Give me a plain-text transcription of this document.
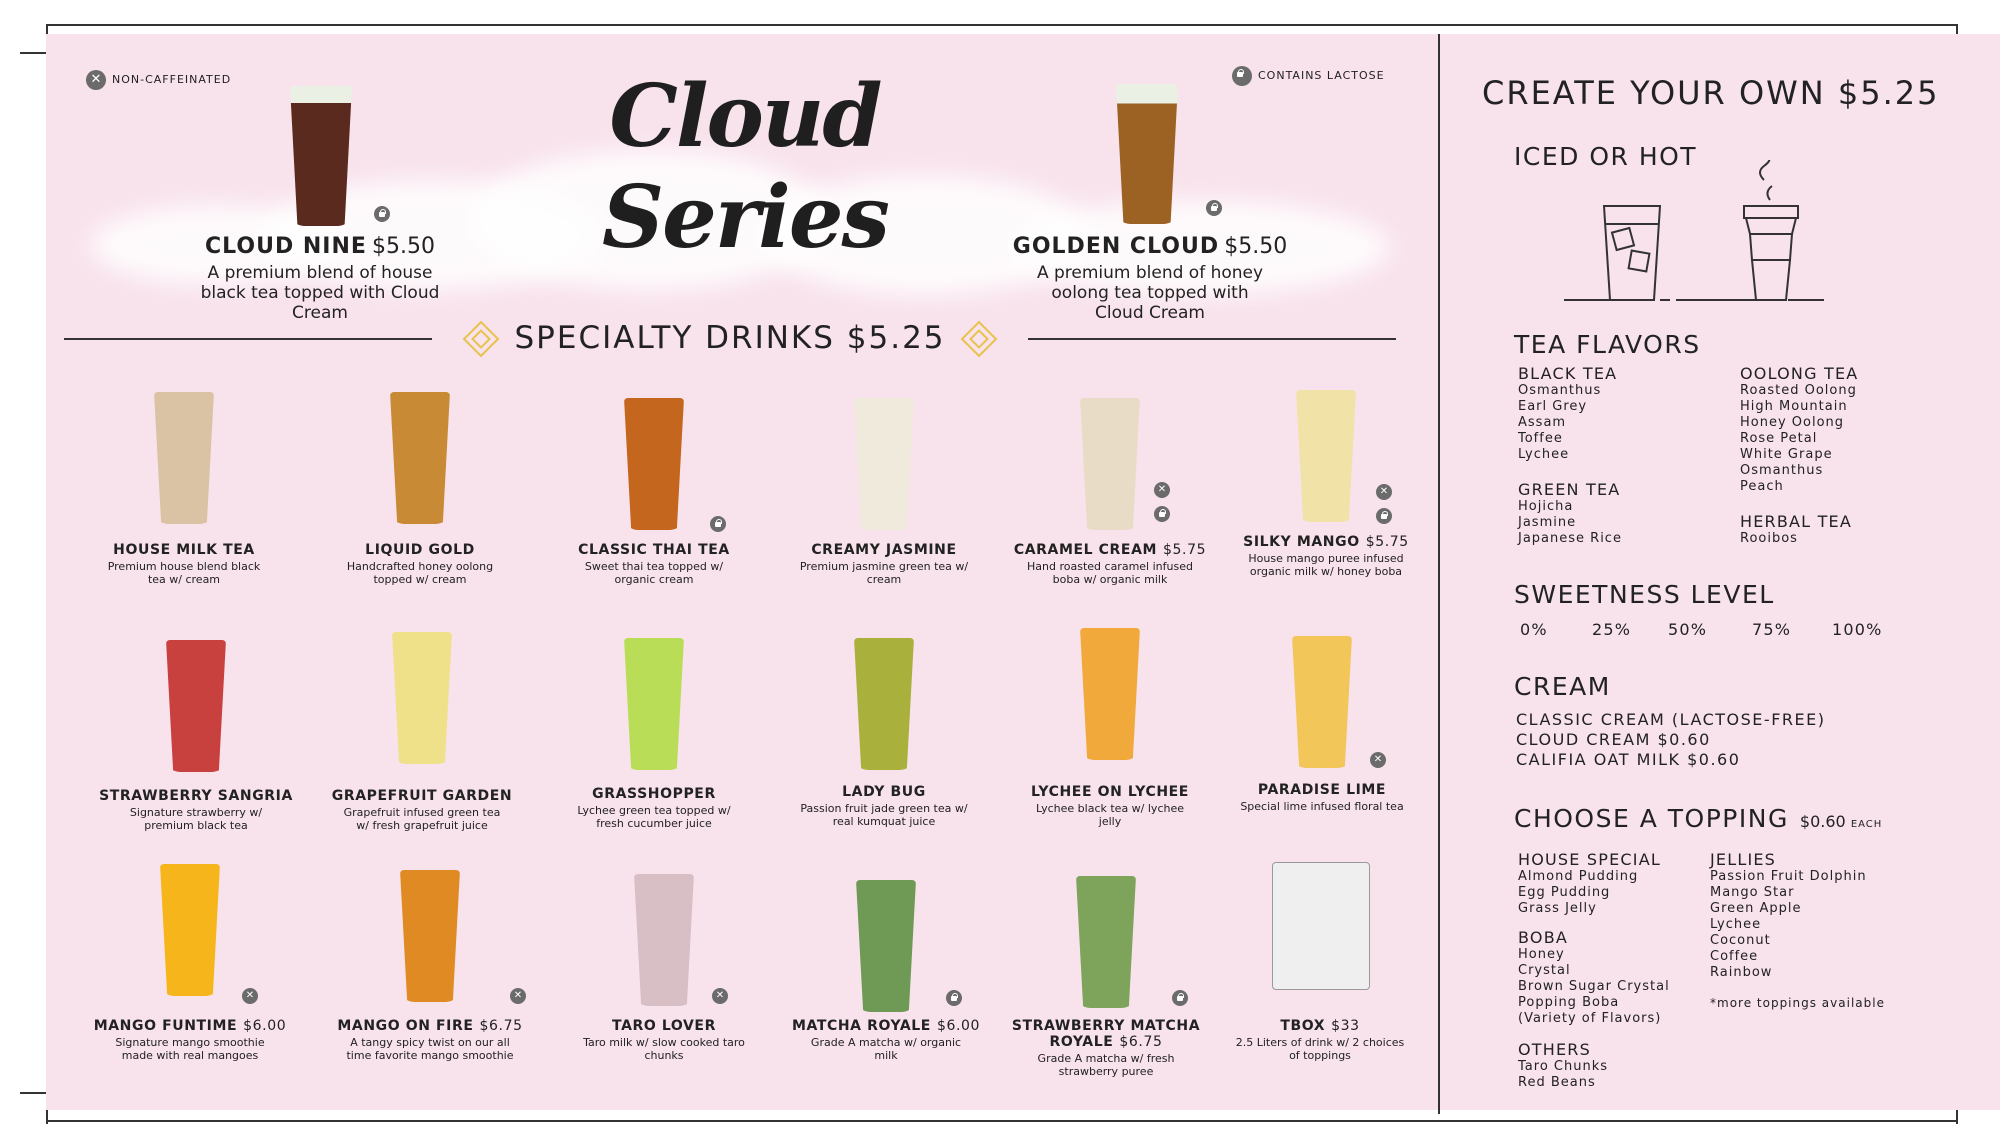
✕ NON-CAFFEINATED	CONTAINS LACTOSE
Cloud Series
CLOUD NINE $5.50
A premium blend of house black tea topped with Cloud Cream
GOLDEN CLOUD $5.50
A premium blend of honey oolong tea topped with Cloud Cream
SPECIALTY DRINKS $5.25
HOUSE MILK TEA
Premium house blend black tea w/ cream
LIQUID GOLD
Handcrafted honey oolong topped w/ cream
CLASSIC THAI TEA
Sweet thai tea topped w/ organic cream
CREAMY JASMINE
Premium jasmine green tea w/ cream
✕
CARAMEL CREAM $5.75
Hand roasted caramel infused boba w/ organic milk
✕
SILKY MANGO $5.75
House mango puree infused organic milk w/ honey boba
STRAWBERRY SANGRIA
Signature strawberry w/ premium black tea
GRAPEFRUIT GARDEN
Grapefruit infused green tea w/ fresh grapefruit juice
GRASSHOPPER
Lychee green tea topped w/ fresh cucumber juice
LADY BUG
Passion fruit jade green tea w/ real kumquat juice
LYCHEE ON LYCHEE
Lychee black tea w/ lychee jelly
✕
PARADISE LIME
Special lime infused floral tea
✕
MANGO FUNTIME $6.00
Signature mango smoothie made with real mangoes
✕
MANGO ON FIRE $6.75
A tangy spicy twist on our all time favorite mango smoothie
✕
TARO LOVER
Taro milk w/ slow cooked taro chunks
MATCHA ROYALE $6.00
Grade A matcha w/ organic milk
STRAWBERRY MATCHA ROYALE $6.75
Grade A matcha w/ fresh strawberry puree
TBOX $33
2.5 Liters of drink w/ 2 choices of toppings
CREATE YOUR OWN $5.25
ICED OR HOT
TEA FLAVORS
BLACK TEA
Osmanthus
Earl Grey
Assam
Toffee
Lychee
GREEN TEA
Hojicha
Jasmine
Japanese Rice
OOLONG TEA
Roasted Oolong
High Mountain
Honey Oolong
Rose Petal
White Grape
Osmanthus
Peach
HERBAL TEA
Rooibos
SWEETNESS LEVEL
0%	25% 50%	75%	100%
CREAM
CLASSIC CREAM (LACTOSE-FREE)
CLOUD CREAM $0.60
CALIFIA OAT MILK $0.60
CHOOSE A TOPPING $0.60 EACH
HOUSE SPECIAL
Almond Pudding
Egg Pudding
Grass Jelly
BOBA
Honey
Crystal
Brown Sugar Crystal
Popping Boba
(Variety of Flavors)
OTHERS
Taro Chunks
Red Beans
JELLIES
Passion Fruit Dolphin
Mango Star
Green Apple
Lychee
Coconut
Coffee
Rainbow
*more toppings available
